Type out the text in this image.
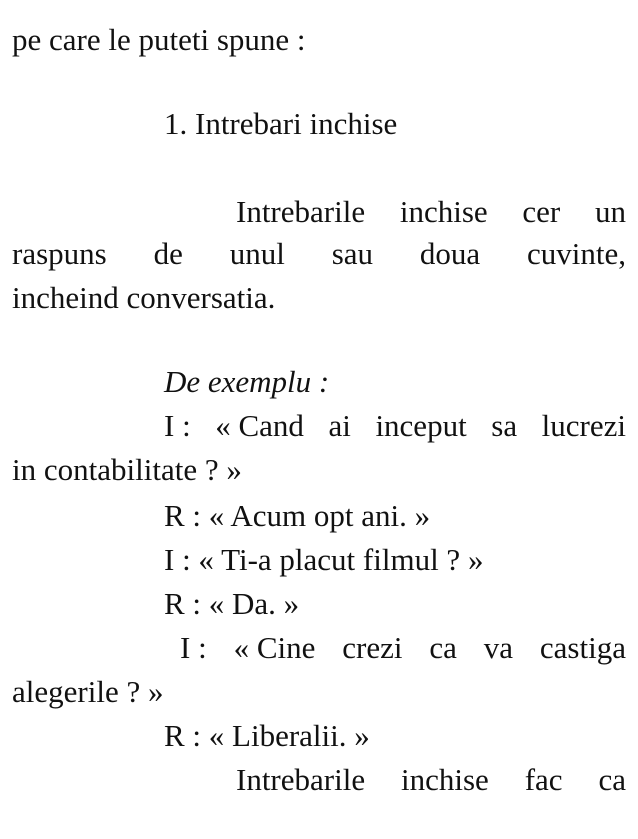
pe care le puteti spune :
1. Intrebari inchise
Intrebarile inchise cer un
raspuns de unul sau doua cuvinte,
incheind conversatia.
De exemplu :
I : « Cand ai inceput sa lucrezi
in contabilitate ? »
R : « Acum opt ani. »
I : « Ti-a placut filmul ? »
R : « Da. »
I : « Cine crezi ca va castiga
alegerile ? »
R : « Liberalii. »
Intrebarile inchise fac ca
